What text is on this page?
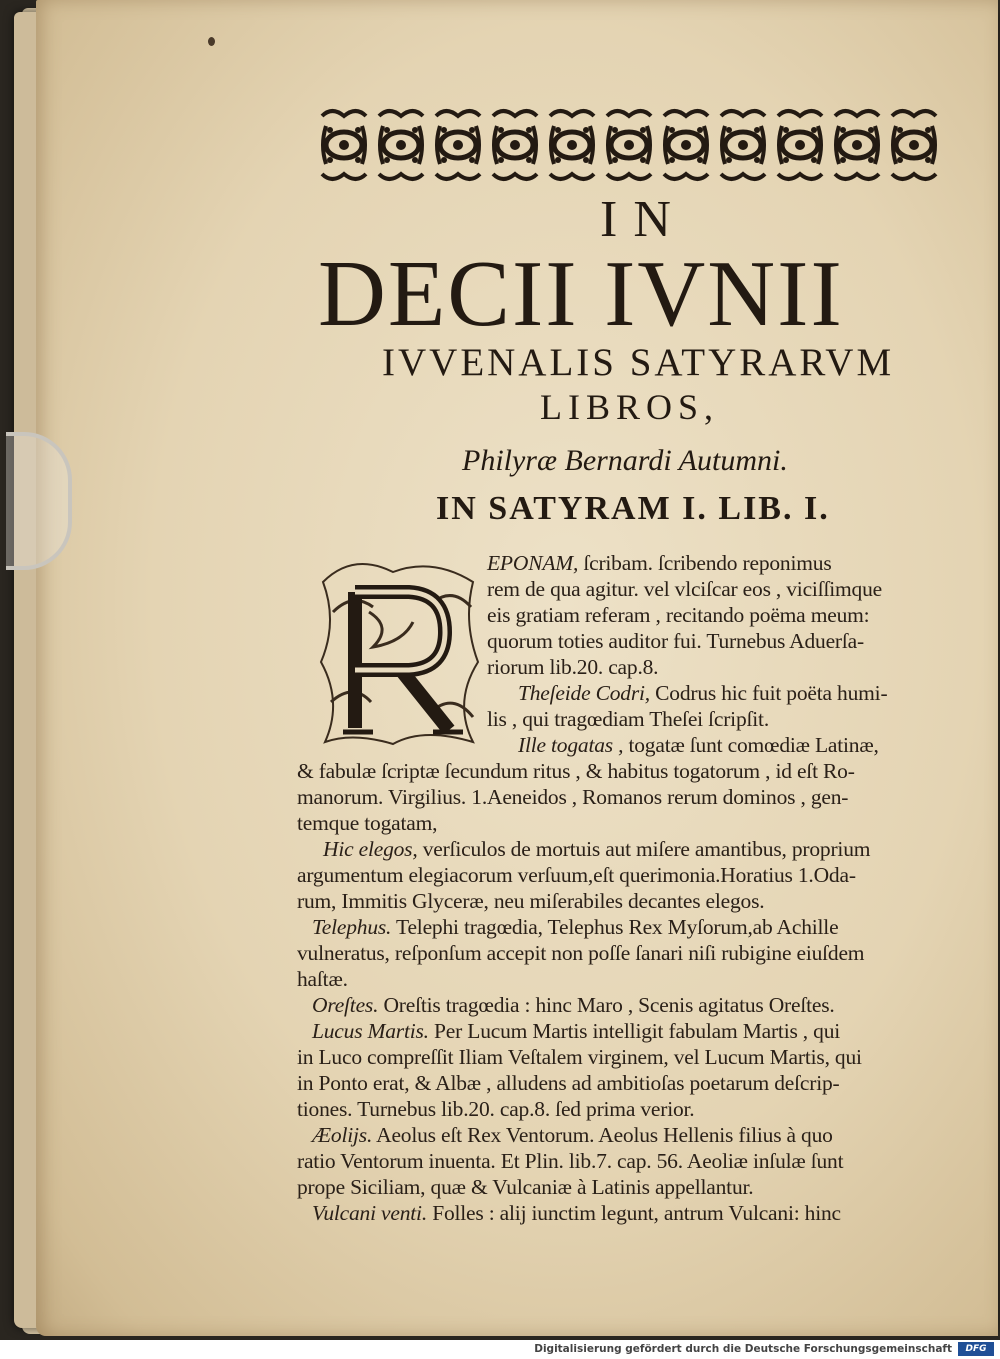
IN
DECII IVNII
IVVENALIS SATYRARVM
LIBROS,
Philyræ Bernardi Autumni.
IN SATYRAM I. LIB. I.
EPONAM, ſcribam. ſcribendo reponimus
rem de qua agitur. vel vlciſcar eos , viciſſimque
eis gratiam referam , recitando poëma meum:
quorum toties auditor fui. Turnebus Aduerſa-
riorum lib.20. cap.8.
Theſeide Codri, Codrus hic fuit poëta humi-
lis , qui tragœdiam Theſei ſcripſit.
Ille togatas , togatæ ſunt comœdiæ Latinæ,
& fabulæ ſcriptæ ſecundum ritus , & habitus togatorum , id eſt Ro-
manorum. Virgilius. 1.Aeneidos , Romanos rerum dominos , gen-
temque togatam,
Hic elegos, verſiculos de mortuis aut miſere amantibus, proprium
argumentum elegiacorum verſuum,eſt querimonia.Horatius 1.Oda-
rum, Immitis Glyceræ, neu miſerabiles decantes elegos.
Telephus. Telephi tragœdia, Telephus Rex Myſorum,ab Achille
vulneratus, reſponſum accepit non poſſe ſanari niſi rubigine eiuſdem
haſtæ.
Oreſtes. Oreſtis tragœdia : hinc Maro , Scenis agitatus Oreſtes.
Lucus Martis. Per Lucum Martis intelligit fabulam Martis , qui
in Luco compreſſit Iliam Veſtalem virginem, vel Lucum Martis, qui
in Ponto erat, & Albæ , alludens ad ambitioſas poetarum deſcrip-
tiones. Turnebus lib.20. cap.8. ſed prima verior.
Æolijs. Aeolus eſt Rex Ventorum. Aeolus Hellenis filius à quo
ratio Ventorum inuenta. Et Plin. lib.7. cap. 56. Aeoliæ inſulæ ſunt
prope Siciliam, quæ & Vulcaniæ à Latinis appellantur.
Vulcani venti. Folles : alij iunctim legunt, antrum Vulcani: hinc
Digitalisierung gefördert durch die Deutsche Forschungsgemeinschaft	DFG
